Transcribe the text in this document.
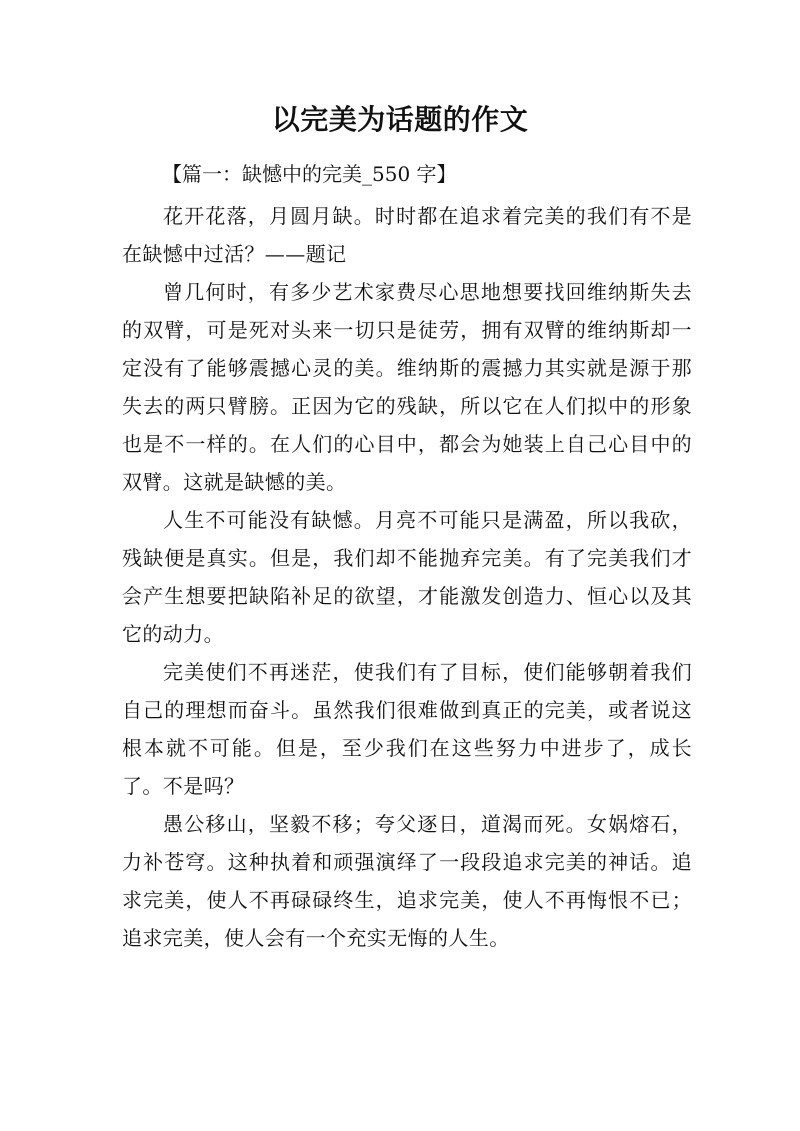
以完美为话题的作文
【篇一：缺憾中的完美_550 字】

花开花落，月圆月缺。时时都在追求着完美的我们有不是在缺憾中过活？——题记

曾几何时，有多少艺术家费尽心思地想要找回维纳斯失去的双臂，可是死对头来一切只是徒劳，拥有双臂的维纳斯却一定没有了能够震撼心灵的美。维纳斯的震撼力其实就是源于那失去的两只臂膀。正因为它的残缺，所以它在人们拟中的形象也是不一样的。在人们的心目中，都会为她装上自己心目中的双臂。这就是缺憾的美。

人生不可能没有缺憾。月亮不可能只是满盈，所以我砍，残缺便是真实。但是，我们却不能抛弃完美。有了完美我们才会产生想要把缺陷补足的欲望，才能激发创造力、恒心以及其它的动力。

完美使们不再迷茫，使我们有了目标，使们能够朝着我们自己的理想而奋斗。虽然我们很难做到真正的完美，或者说这根本就不可能。但是，至少我们在这些努力中进步了，成长了。不是吗？

愚公移山，坚毅不移；夸父逐日，道渴而死。女娲熔石，力补苍穹。这种执着和顽强演绎了一段段追求完美的神话。追求完美，使人不再碌碌终生，追求完美，使人不再悔恨不已；追求完美，使人会有一个充实无悔的人生。
